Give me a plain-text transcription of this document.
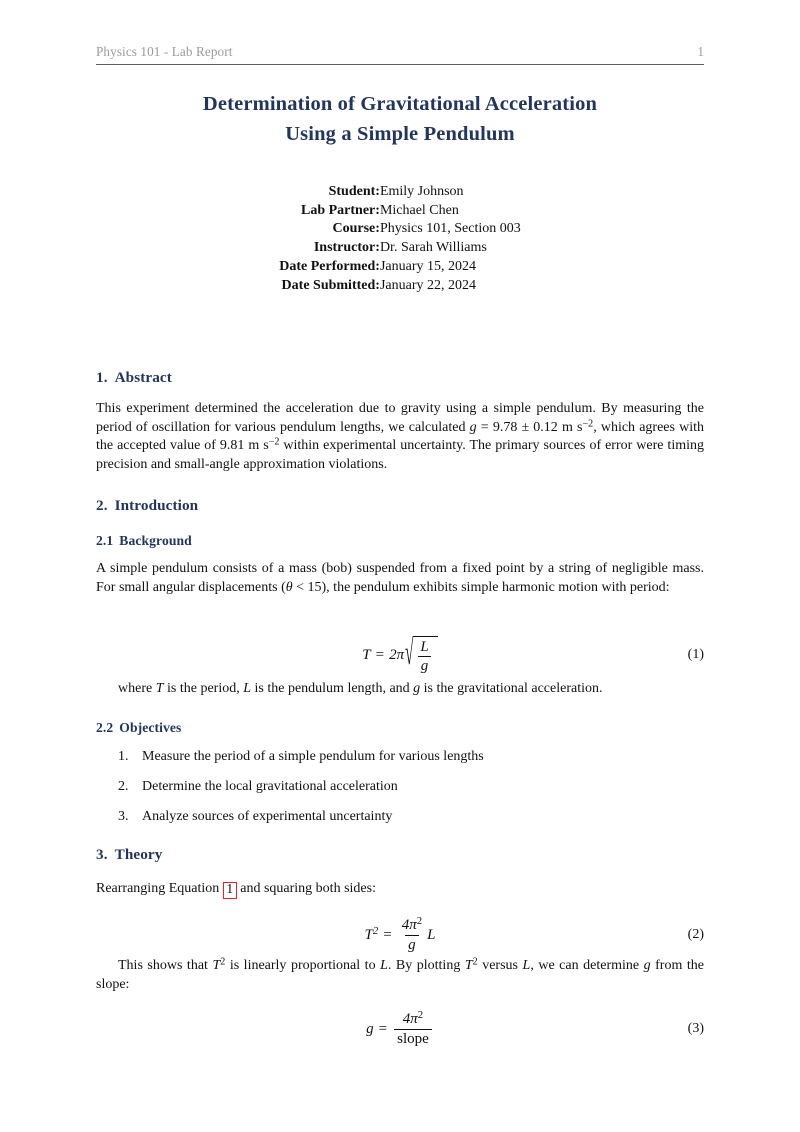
Physics 101 - Lab Report	1
Determination of Gravitational Acceleration
Using a Simple Pendulum
Student:	Emily Johnson
Lab Partner:	Michael Chen
Course:	Physics 101, Section 003
Instructor:	Dr. Sarah Williams
Date Performed:	January 15, 2024
Date Submitted:	January 22, 2024
1. Abstract

This experiment determined the acceleration due to gravity using a simple pendulum. By measuring the period of oscillation for various pendulum lengths, we calculated g = 9.78 ± 0.12 m $s^{-2}$, which agrees with the accepted value of 9.81 m $s^{-2}$ within experimental uncertainty. The primary sources of error were timing precision and small-angle approximation violations.

2. Introduction
2.1 Background

A simple pendulum consists of a mass (bob) suspended from a fixed point by a string of negligible mass. For small angular displacements (θ < 15), the pendulum exhibits simple harmonic motion with period:

T = 2π √ $\frac{L}{g}$	(1)

where T is the period, L is the pendulum length, and g is the gravitational acceleration.

2.2 Objectives
1. Measure the period of a simple pendulum for various lengths
2. Determine the local gravitational acceleration
3. Analyze sources of experimental uncertainty
3. Theory

Rearranging Equation 1 and squaring both sides:

$T^2 = \frac{4\pi^2}{g}$ L	(2)

This shows that $T^2$ is linearly proportional to L. By plotting $T^2$ versus L, we can determine g from the slope:

$g = \frac{4\pi^2}{\text{slope}}$	(3)
